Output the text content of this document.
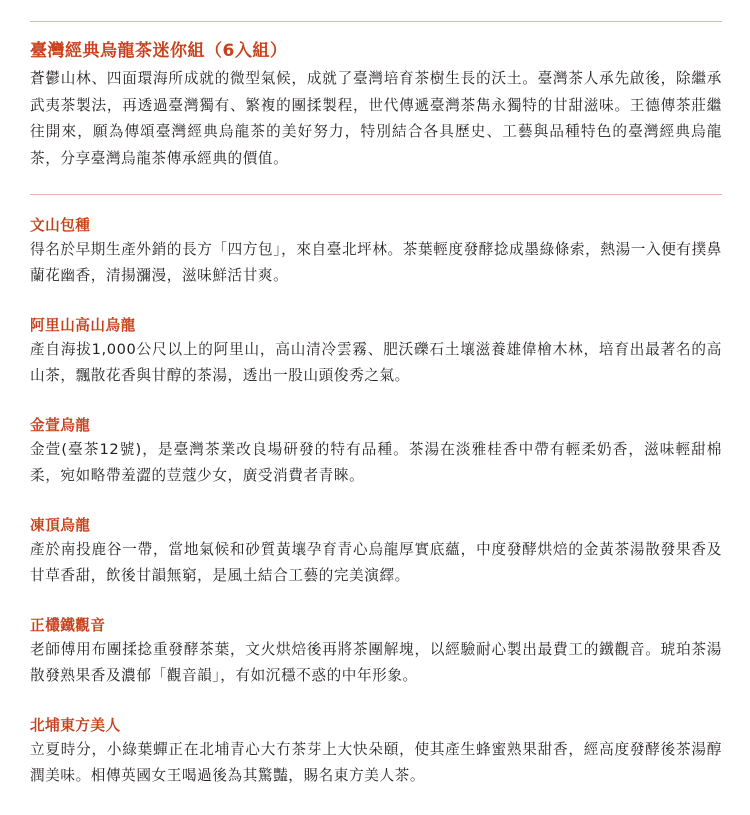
臺灣經典烏龍茶迷你組（6入組）

蒼鬱山林、四面環海所成就的微型氣候，成就了臺灣培育茶樹生長的沃土。臺灣茶人承先啟後，除繼承武夷茶製法，再透過臺灣獨有、繁複的團揉製程，世代傳遞臺灣茶雋永獨特的甘甜滋味。王德傳茶莊繼往開來，願為傳頌臺灣經典烏龍茶的美好努力，特別結合各具歷史、工藝與品種特色的臺灣經典烏龍茶，分享臺灣烏龍茶傳承經典的價值。

文山包種

得名於早期生產外銷的長方「四方包」，來自臺北坪林。茶葉輕度發酵捻成墨綠條索，熱湯一入便有撲鼻蘭花幽香，清揚瀰漫，滋味鮮活甘爽。

阿里山高山烏龍

產自海拔1,000公尺以上的阿里山，高山清冷雲霧、肥沃礫石土壤滋養雄偉檜木林，培育出最著名的高山茶，飄散花香與甘醇的茶湯，透出一股山頭俊秀之氣。

金萱烏龍

金萱(臺茶12號)，是臺灣茶業改良場研發的特有品種。茶湯在淡雅桂香中帶有輕柔奶香，滋味輕甜棉柔，宛如略帶羞澀的荳蔻少女，廣受消費者青睞。

凍頂烏龍

產於南投鹿谷一帶，當地氣候和砂質黃壤孕育青心烏龍厚實底蘊，中度發酵烘焙的金黃茶湯散發果香及甘草香甜，飲後甘韻無窮，是風土結合工藝的完美演繹。

正欉鐵觀音

老師傅用布團揉捻重發酵茶葉，文火烘焙後再將茶團解塊，以經驗耐心製出最費工的鐵觀音。琥珀茶湯散發熟果香及濃郁「觀音韻」，有如沉穩不惑的中年形象。

北埔東方美人

立夏時分，小綠葉蟬正在北埔青心大冇茶芽上大快朵頤，使其產生蜂蜜熟果甜香，經高度發酵後茶湯醇潤美味。相傳英國女王喝過後為其驚豔，賜名東方美人茶。
